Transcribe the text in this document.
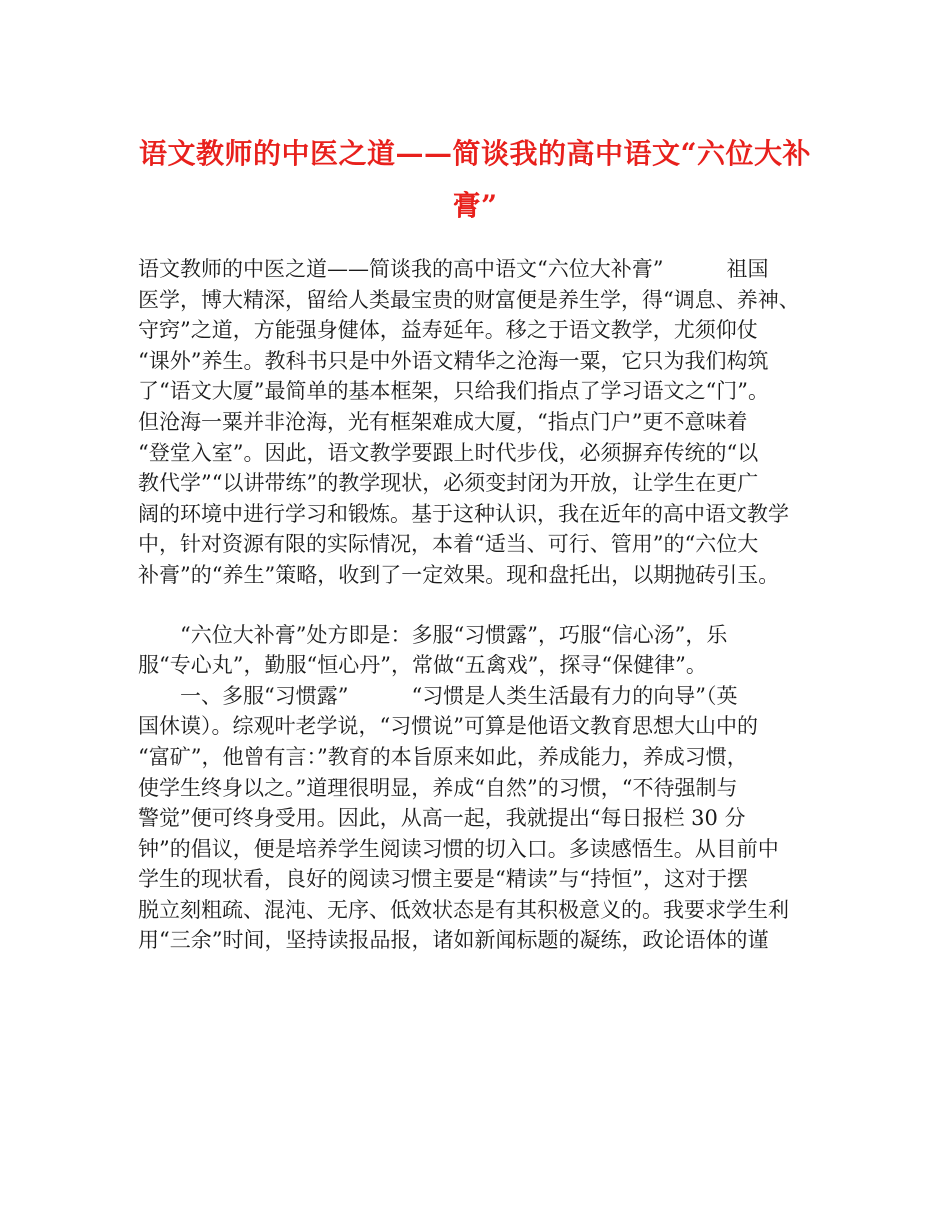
语文教师的中医之道——简谈我的高中语文“六位大补
膏”
语文教师的中医之道——简谈我的高中语文“六位大补膏”　　　祖国
医学，博大精深，留给人类最宝贵的财富便是养生学，得“调息、养神、
守窍”之道，方能强身健体，益寿延年。移之于语文教学，尤须仰仗
“课外”养生。教科书只是中外语文精华之沧海一粟，它只为我们构筑
了“语文大厦”最简单的基本框架，只给我们指点了学习语文之“门”。
但沧海一粟并非沧海，光有框架难成大厦，“指点门户”更不意味着
“登堂入室”。因此，语文教学要跟上时代步伐，必须摒弃传统的“以
教代学”“以讲带练”的教学现状，必须变封闭为开放，让学生在更广
阔的环境中进行学习和锻炼。基于这种认识，我在近年的高中语文教学
中，针对资源有限的实际情况，本着“适当、可行、管用”的“六位大
补膏”的“养生”策略，收到了一定效果。现和盘托出，以期抛砖引玉。
　　“六位大补膏”处方即是：多服“习惯露”，巧服“信心汤”，乐
服“专心丸”，勤服“恒心丹”，常做“五禽戏”，探寻“保健律”。
　　一、多服“习惯露”　　　“习惯是人类生活最有力的向导”（英
国休谟）。综观叶老学说，“习惯说”可算是他语文教育思想大山中的
“富矿”，他曾有言：”教育的本旨原来如此，养成能力，养成习惯，
使学生终身以之。”道理很明显，养成“自然”的习惯，“不待强制与
警觉”便可终身受用。因此，从高一起，我就提出“每日报栏 30 分
钟”的倡议，便是培养学生阅读习惯的切入口。多读感悟生。从目前中
学生的现状看，良好的阅读习惯主要是“精读”与“持恒”，这对于摆
脱立刻粗疏、混沌、无序、低效状态是有其积极意义的。我要求学生利
用“三余”时间，坚持读报品报，诸如新闻标题的凝练，政论语体的谨
